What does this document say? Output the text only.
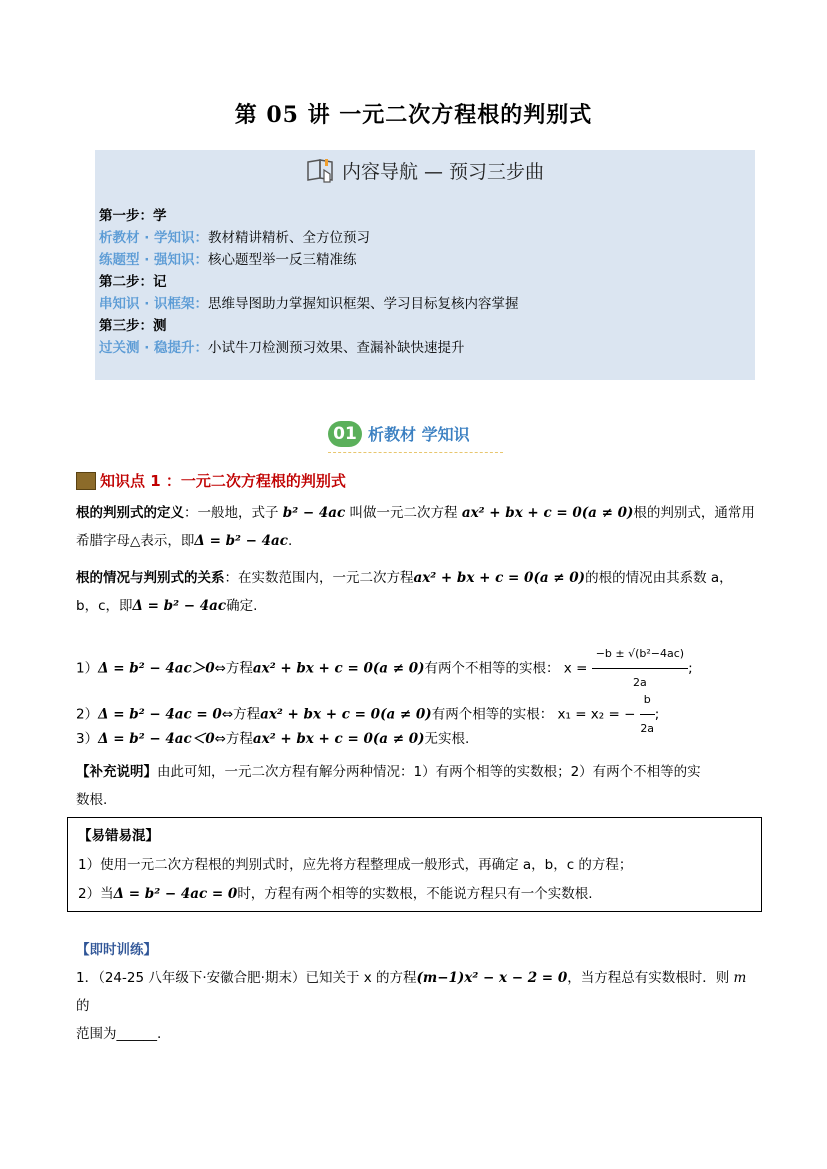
第 05 讲 一元二次方程根的判别式
内容导航 — 预习三步曲
第一步：学
析教材 · 学知识：教材精讲精析、全方位预习
练题型 · 强知识：核心题型举一反三精准练
第二步：记
串知识 · 识框架：思维导图助力掌握知识框架、学习目标复核内容掌握
第三步：测
过关测 · 稳提升：小试牛刀检测预习效果、查漏补缺快速提升
01 析教材 学知识
知识点 1 ：一元二次方程根的判别式
根的判别式的定义：一般地，式子 b² − 4ac 叫做一元二次方程 ax² + bx + c = 0(a ≠ 0)根的判别式，通常用
希腊字母△表示，即Δ = b² − 4ac.
根的情况与判别式的关系：在实数范围内，一元二次方程ax² + bx + c = 0(a ≠ 0)的根的情况由其系数 a，
b，c，即Δ = b² − 4ac确定.
1）Δ = b² − 4ac＞0⇔方程ax² + bx + c = 0(a ≠ 0)有两个不相等的实根： $x = \frac{\text{−b ± √(b²−4ac)}}{2a}$ ;
2）Δ = b² − 4ac = 0⇔方程ax² + bx + c = 0(a ≠ 0)有两个相等的实根： x₁ = x₂ = − $\frac{b}{2a}$ ;
3）Δ = b² − 4ac＜0⇔方程ax² + bx + c = 0(a ≠ 0)无实根.
【补充说明】由此可知，一元二次方程有解分两种情况：1）有两个相等的实数根；2）有两个不相等的实
数根.
【易错易混】
1）使用一元二次方程根的判别式时，应先将方程整理成一般形式，再确定 a，b，c 的方程；
2）当Δ = b² − 4ac = 0时，方程有两个相等的实数根，不能说方程只有一个实数根.
【即时训练】
1．（24-25 八年级下·安徽合肥·期末）已知关于 x 的方程(m−1)x² − x − 2 = 0，当方程总有实数根时．则 m 的
范围为______.
